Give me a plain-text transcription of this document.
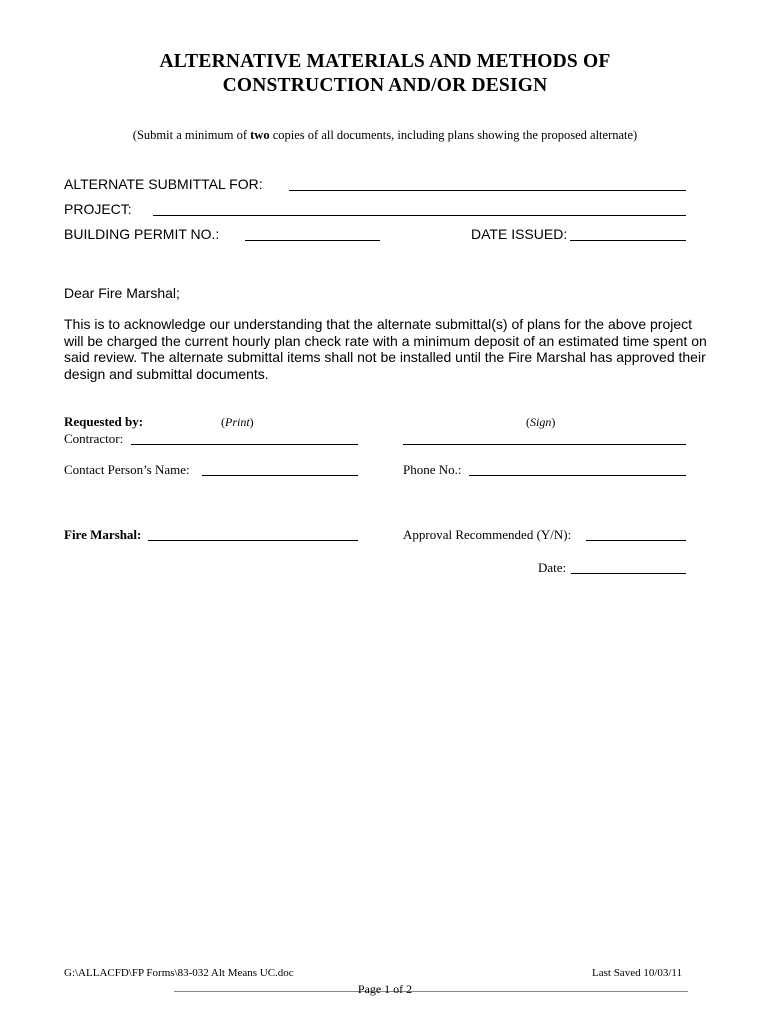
ALTERNATIVE MATERIALS AND METHODS OF
CONSTRUCTION AND/OR DESIGN
(Submit a minimum of two copies of all documents, including plans showing the proposed alternate)
ALTERNATE SUBMITTAL FOR:
PROJECT:
BUILDING PERMIT NO.:	DATE ISSUED:
Dear Fire Marshal;
This is to acknowledge our understanding that the alternate submittal(s) of plans for the above project
will be charged the current hourly plan check rate with a minimum deposit of an estimated time spent on
said review. The alternate submittal items shall not be installed until the Fire Marshal has approved their
design and submittal documents.
Requested by:	(Print)	(Sign)
Contractor:
Contact Person’s Name:	Phone No.:
Fire Marshal:	Approval Recommended (Y/N):
Date:
G:\ALLACFD\FP Forms\83-032 Alt Means UC.doc	Last Saved 10/03/11
Page 1 of 2
